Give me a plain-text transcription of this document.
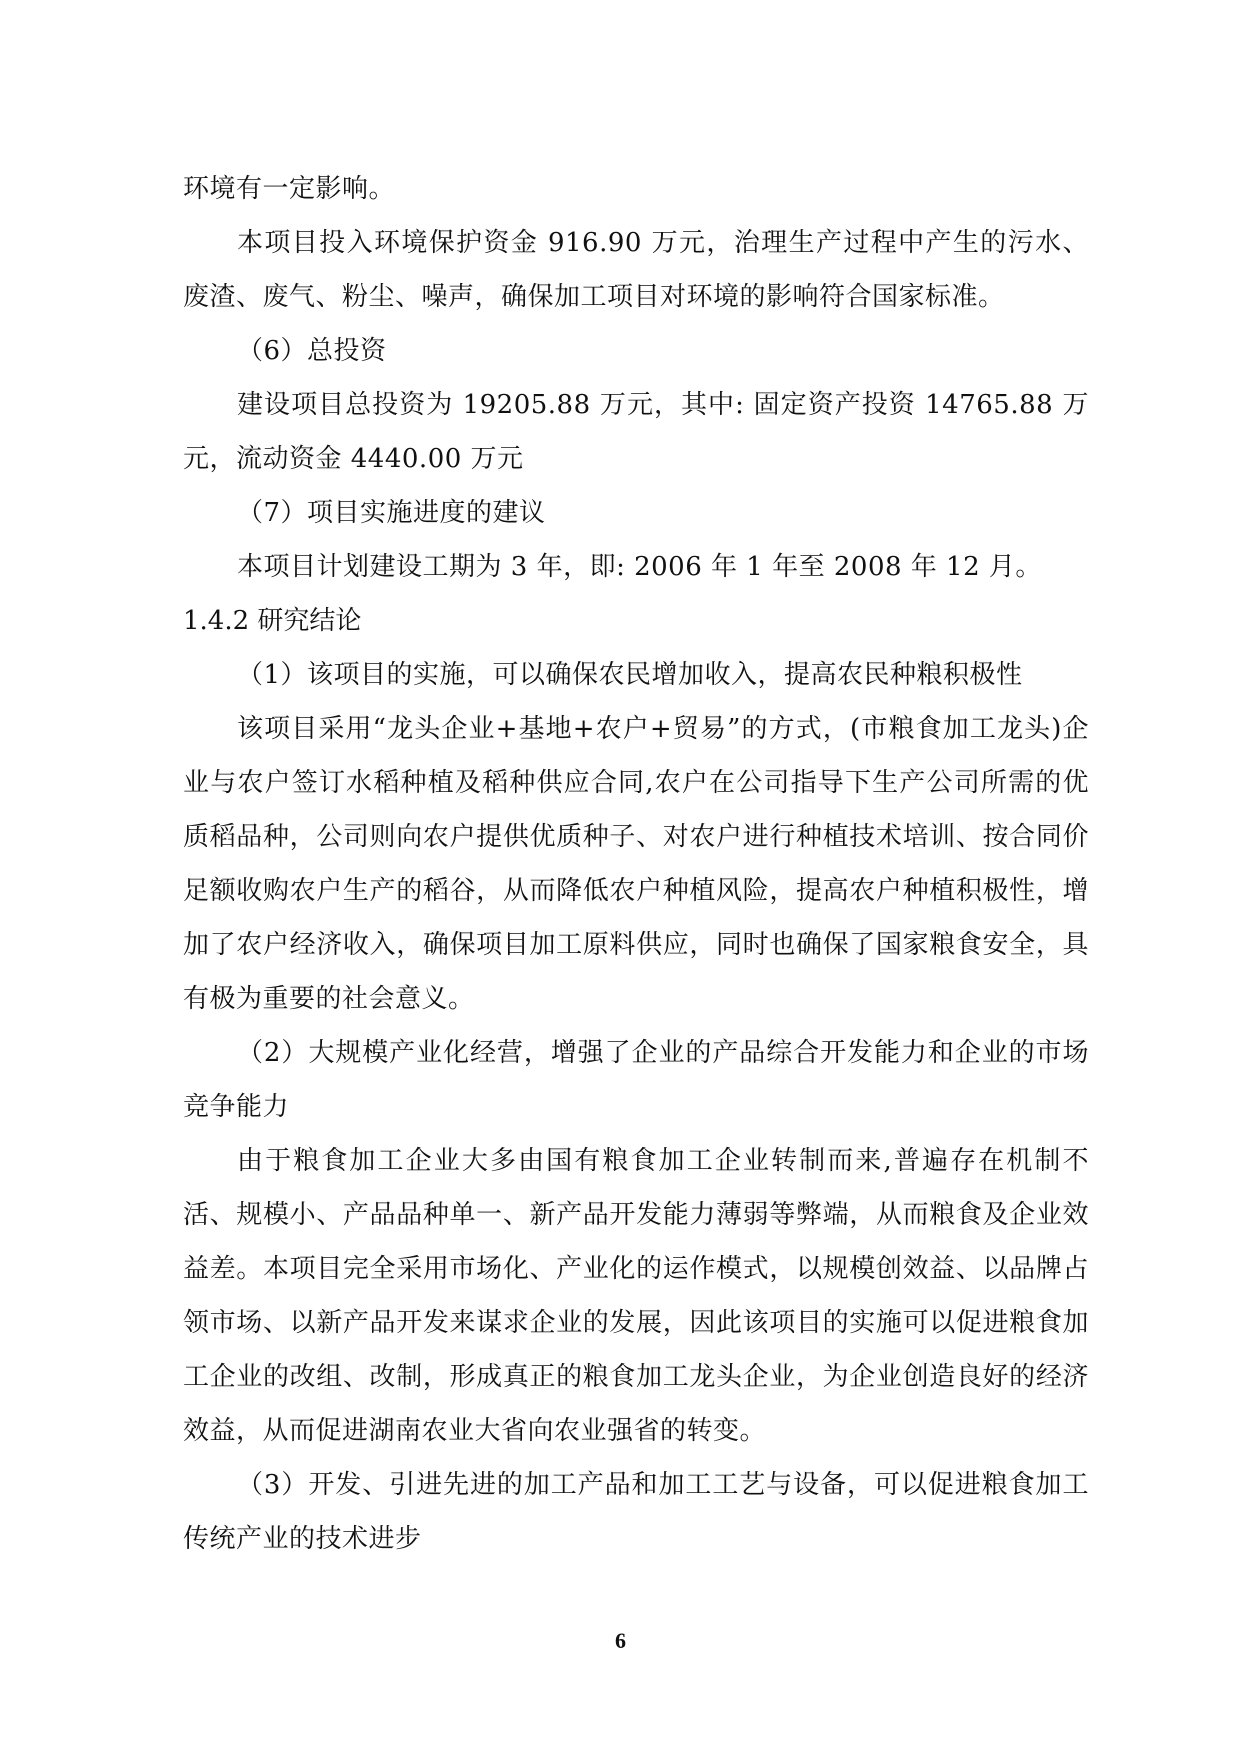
环境有一定影响。

本项目投入环境保护资金 916.90 万元，治理生产过程中产生的污水、废渣、废气、粉尘、噪声，确保加工项目对环境的影响符合国家标准。

（6）总投资

建设项目总投资为 19205.88 万元，其中: 固定资产投资 14765.88 万元，流动资金 4440.00 万元

（7）项目实施进度的建议

本项目计划建设工期为 3 年，即: 2006 年 1 年至 2008 年 12 月。

1.4.2 研究结论

（1）该项目的实施，可以确保农民增加收入，提高农民种粮积极性

该项目采用“龙头企业+基地+农户+贸易”的方式，(市粮食加工龙头)企业与农户签订水稻种植及稻种供应合同,农户在公司指导下生产公司所需的优质稻品种，公司则向农户提供优质种子、对农户进行种植技术培训、按合同价足额收购农户生产的稻谷，从而降低农户种植风险，提高农户种植积极性，增加了农户经济收入，确保项目加工原料供应，同时也确保了国家粮食安全，具有极为重要的社会意义。

（2）大规模产业化经营，增强了企业的产品综合开发能力和企业的市场竞争能力

由于粮食加工企业大多由国有粮食加工企业转制而来,普遍存在机制不活、规模小、产品品种单一、新产品开发能力薄弱等弊端，从而粮食及企业效益差。本项目完全采用市场化、产业化的运作模式，以规模创效益、以品牌占领市场、以新产品开发来谋求企业的发展，因此该项目的实施可以促进粮食加工企业的改组、改制，形成真正的粮食加工龙头企业，为企业创造良好的经济效益，从而促进湖南农业大省向农业强省的转变。

（3）开发、引进先进的加工产品和加工工艺与设备，可以促进粮食加工传统产业的技术进步

6
